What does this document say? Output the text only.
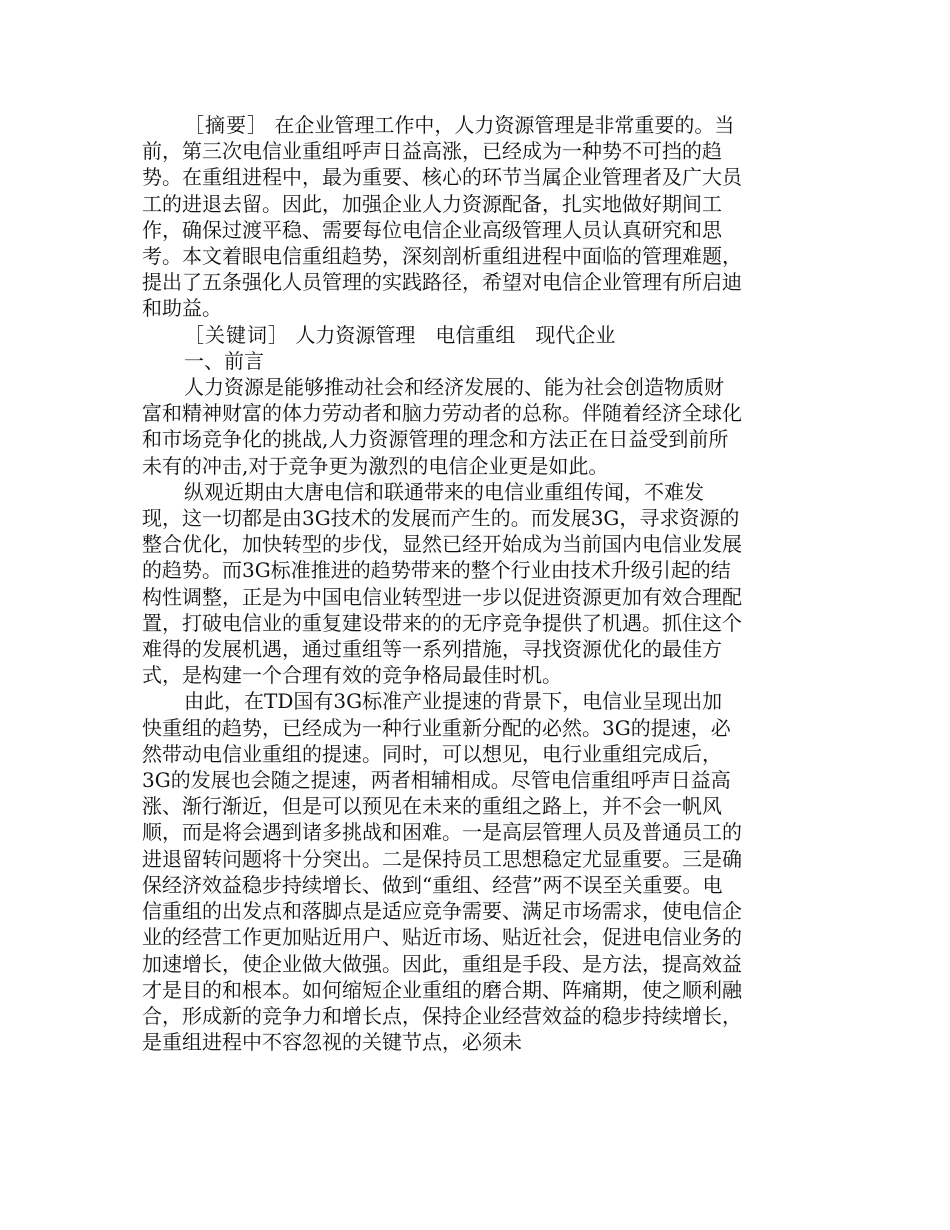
［摘要］ 在企业管理工作中，人力资源管理是非常重要的。当前，第三次电信业重组呼声日益高涨，已经成为一种势不可挡的趋势。在重组进程中，最为重要、核心的环节当属企业管理者及广大员工的进退去留。因此，加强企业人力资源配备，扎实地做好期间工作，确保过渡平稳、需要每位电信企业高级管理人员认真研究和思考。本文着眼电信重组趋势，深刻剖析重组进程中面临的管理难题，提出了五条强化人员管理的实践路径，希望对电信企业管理有所启迪和助益。

［关键词］ 人力资源管理　电信重组　现代企业

一、前言

人力资源是能够推动社会和经济发展的、能为社会创造物质财富和精神财富的体力劳动者和脑力劳动者的总称。伴随着经济全球化和市场竞争化的挑战,人力资源管理的理念和方法正在日益受到前所未有的冲击,对于竞争更为激烈的电信企业更是如此。

纵观近期由大唐电信和联通带来的电信业重组传闻，不难发现，这一切都是由3G技术的发展而产生的。而发展3G，寻求资源的整合优化，加快转型的步伐，显然已经开始成为当前国内电信业发展的趋势。而3G标准推进的趋势带来的整个行业由技术升级引起的结构性调整，正是为中国电信业转型进一步以促进资源更加有效合理配置，打破电信业的重复建设带来的的无序竞争提供了机遇。抓住这个难得的发展机遇，通过重组等一系列措施，寻找资源优化的最佳方式，是构建一个合理有效的竞争格局最佳时机。

由此，在TD国有3G标准产业提速的背景下，电信业呈现出加快重组的趋势，已经成为一种行业重新分配的必然。3G的提速，必然带动电信业重组的提速。同时，可以想见，电行业重组完成后，3G的发展也会随之提速，两者相辅相成。尽管电信重组呼声日益高涨、渐行渐近，但是可以预见在未来的重组之路上，并不会一帆风顺，而是将会遇到诸多挑战和困难。一是高层管理人员及普通员工的进退留转问题将十分突出。二是保持员工思想稳定尤显重要。三是确保经济效益稳步持续增长、做到“重组、经营”两不误至关重要。电信重组的出发点和落脚点是适应竞争需要、满足市场需求，使电信企业的经营工作更加贴近用户、贴近市场、贴近社会，促进电信业务的加速增长，使企业做大做强。因此，重组是手段、是方法，提高效益才是目的和根本。如何缩短企业重组的磨合期、阵痛期，使之顺利融合，形成新的竞争力和增长点，保持企业经营效益的稳步持续增长，是重组进程中不容忽视的关键节点，必须未
